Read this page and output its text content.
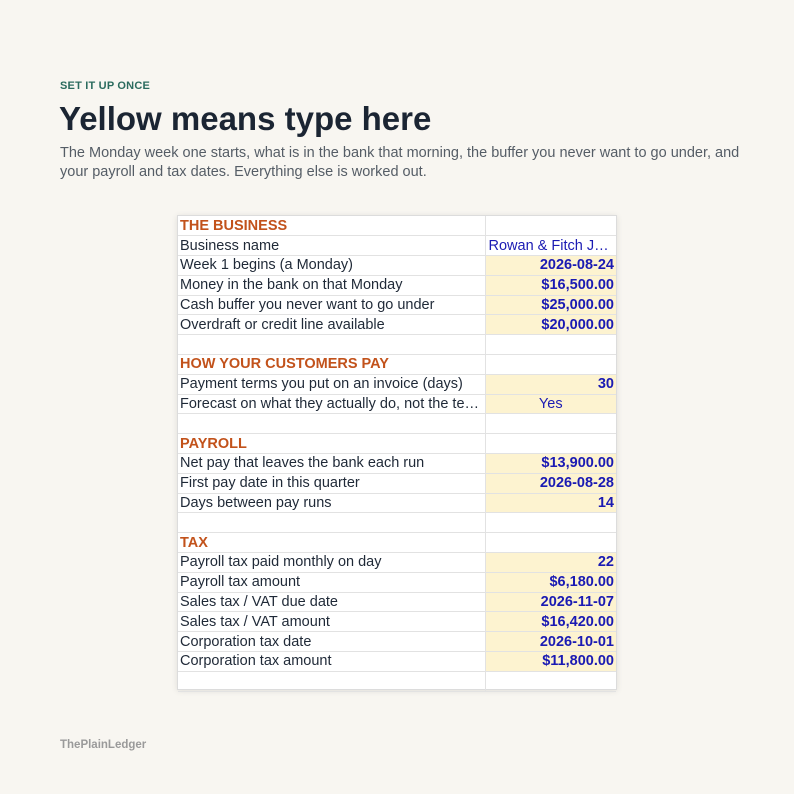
SET IT UP ONCE
Yellow means type here

The Monday week one starts, what is in the bank that morning, the buffer you never want to go under, and your payroll and tax dates. Everything else is worked out.

THE BUSINESS	
Business name	Rowan & Fitch J…
Week 1 begins (a Monday)	2026-08-24
Money in the bank on that Monday	$16,500.00
Cash buffer you never want to go under	$25,000.00
Overdraft or credit line available	$20,000.00

HOW YOUR CUSTOMERS PAY	
Payment terms you put on an invoice (days)	30
Forecast on what they actually do, not the te…	Yes

PAYROLL	
Net pay that leaves the bank each run	$13,900.00
First pay date in this quarter	2026-08-28
Days between pay runs	14

TAX	
Payroll tax paid monthly on day	22
Payroll tax amount	$6,180.00
Sales tax / VAT due date	2026-11-07
Sales tax / VAT amount	$16,420.00
Corporation tax date	2026-10-01
Corporation tax amount	$11,800.00

ThePlainLedger
